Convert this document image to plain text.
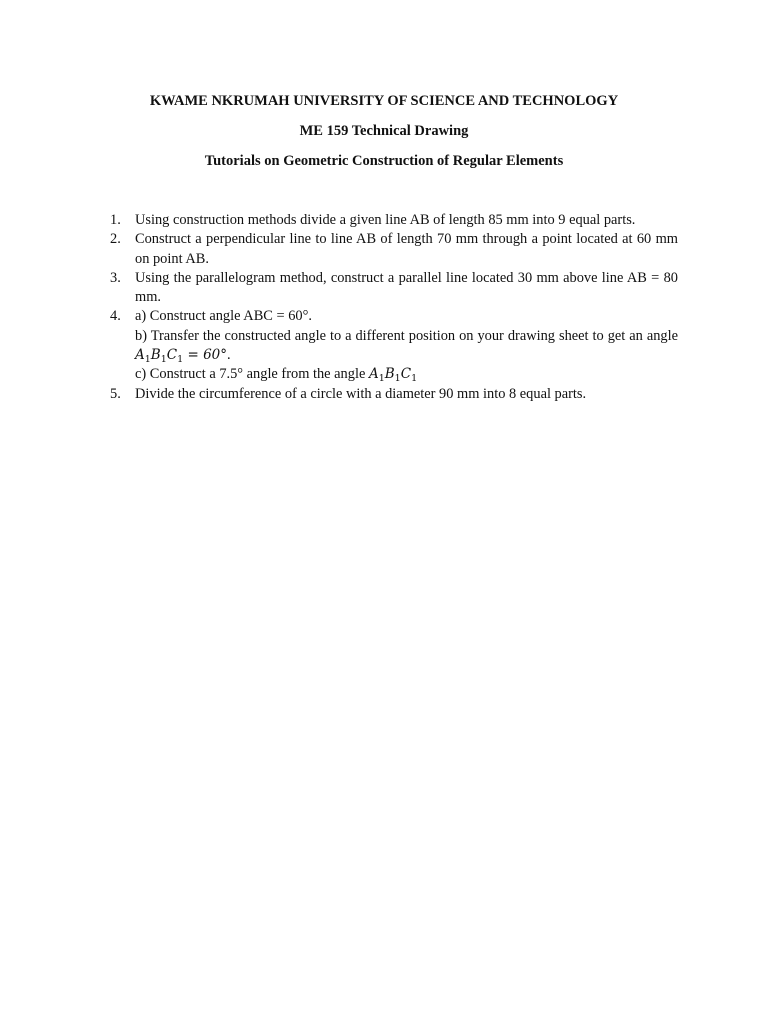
KWAME NKRUMAH UNIVERSITY OF SCIENCE AND TECHNOLOGY
ME 159 Technical Drawing
Tutorials on Geometric Construction of Regular Elements
1. Using construction methods divide a given line AB of length 85 mm into 9 equal parts.
2. Construct a perpendicular line to line AB of length 70 mm through a point located at 60 mm on point AB.
3. Using the parallelogram method, construct a parallel line located 30 mm above line AB = 80 mm.
4. a) Construct angle ABC = 60°.
b) Transfer the constructed angle to a different position on your drawing sheet to get an angle $A_1B_1C_1 = 60^\circ$.
c) Construct a 7.5° angle from the angle $A_1B_1C_1$
5. Divide the circumference of a circle with a diameter 90 mm into 8 equal parts.
